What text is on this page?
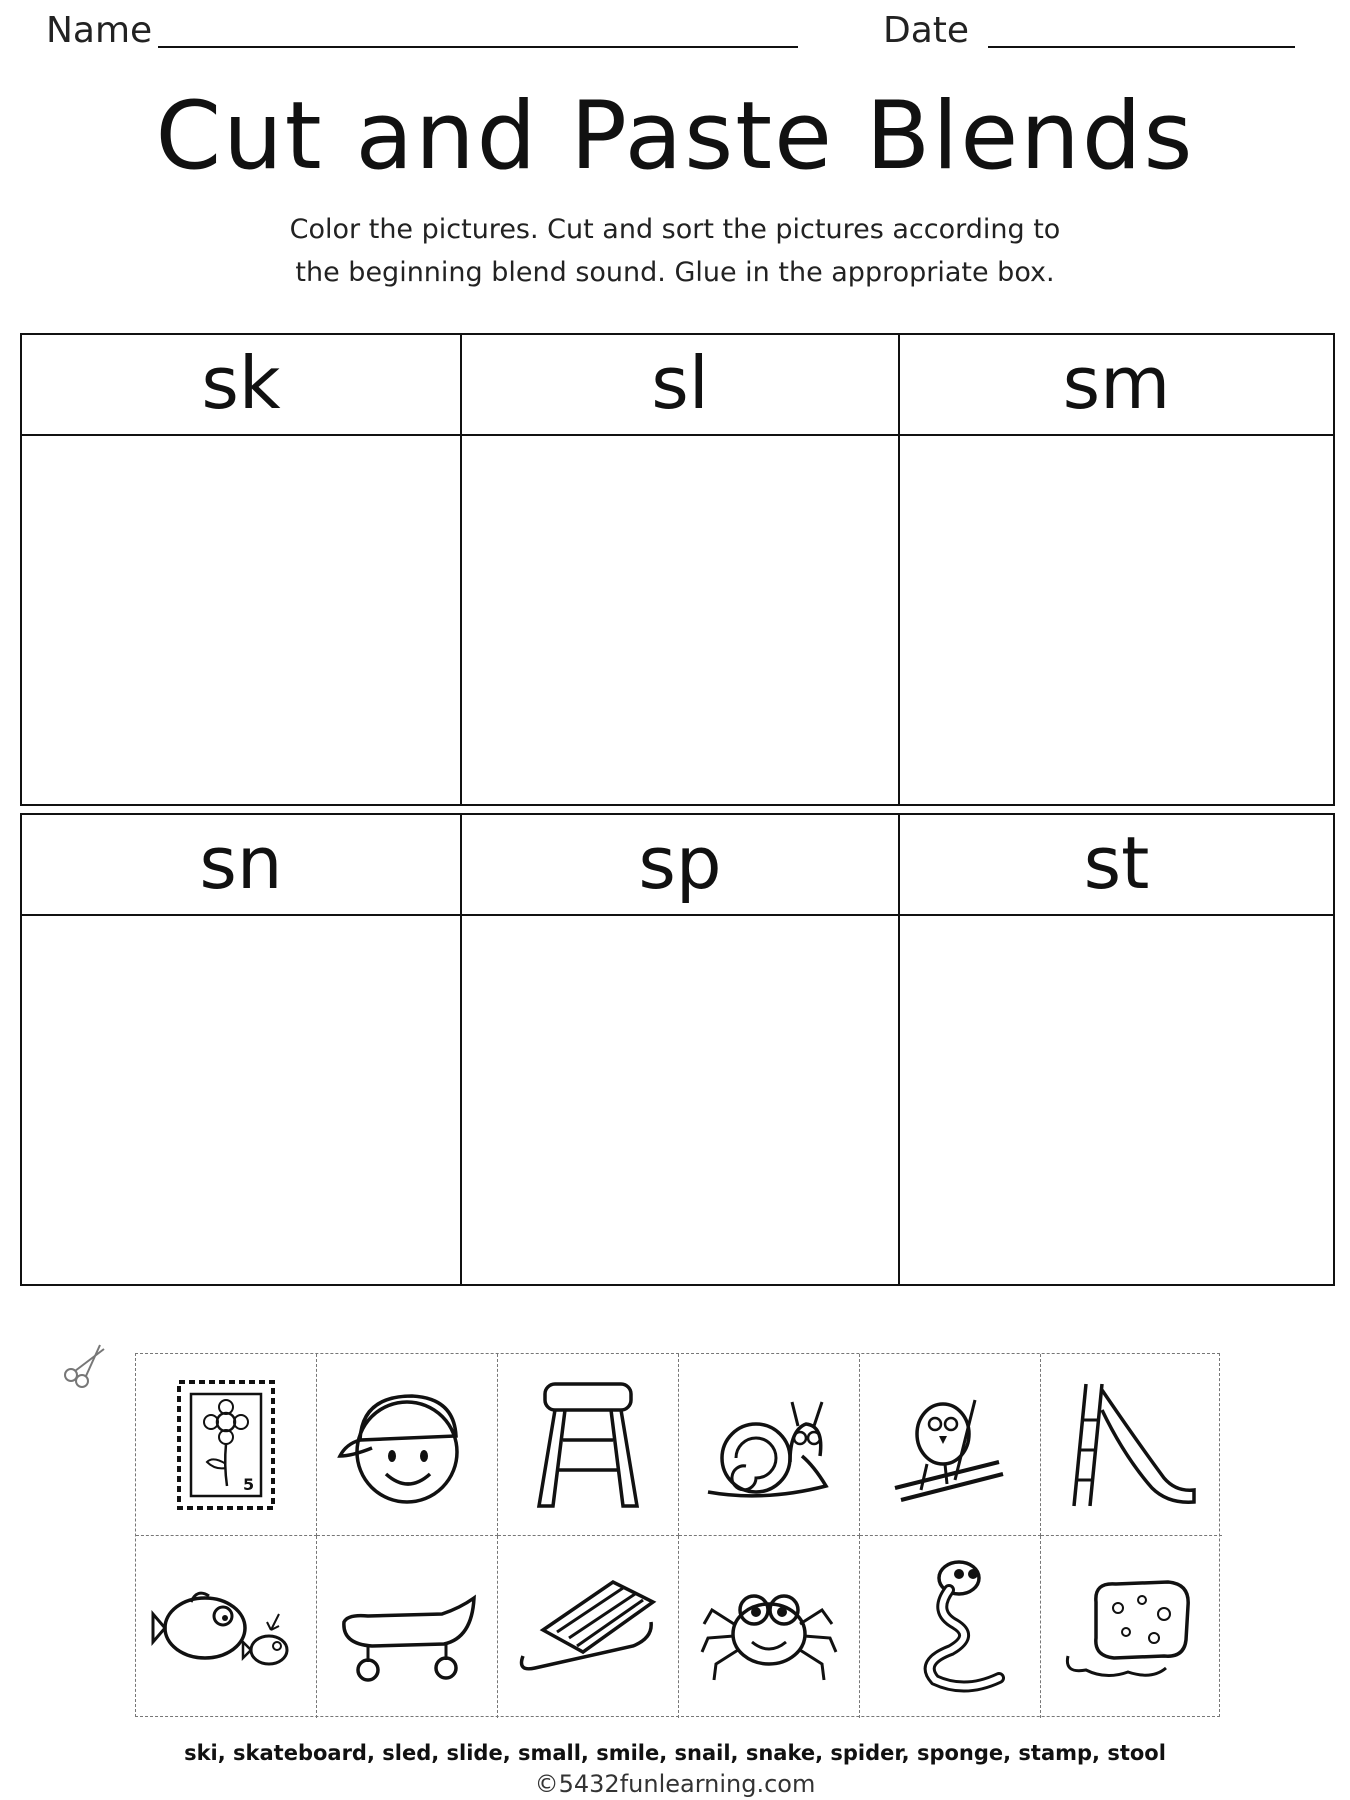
Name	Date
Cut and Paste Blends
Color the pictures. Cut and sort the pictures according to
the beginning blend sound. Glue in the appropriate box.
sk	sl	sm
sn	sp	st
5
ski, skateboard, sled, slide, small, smile, snail, snake, spider, sponge, stamp, stool
©5432funlearning.com
